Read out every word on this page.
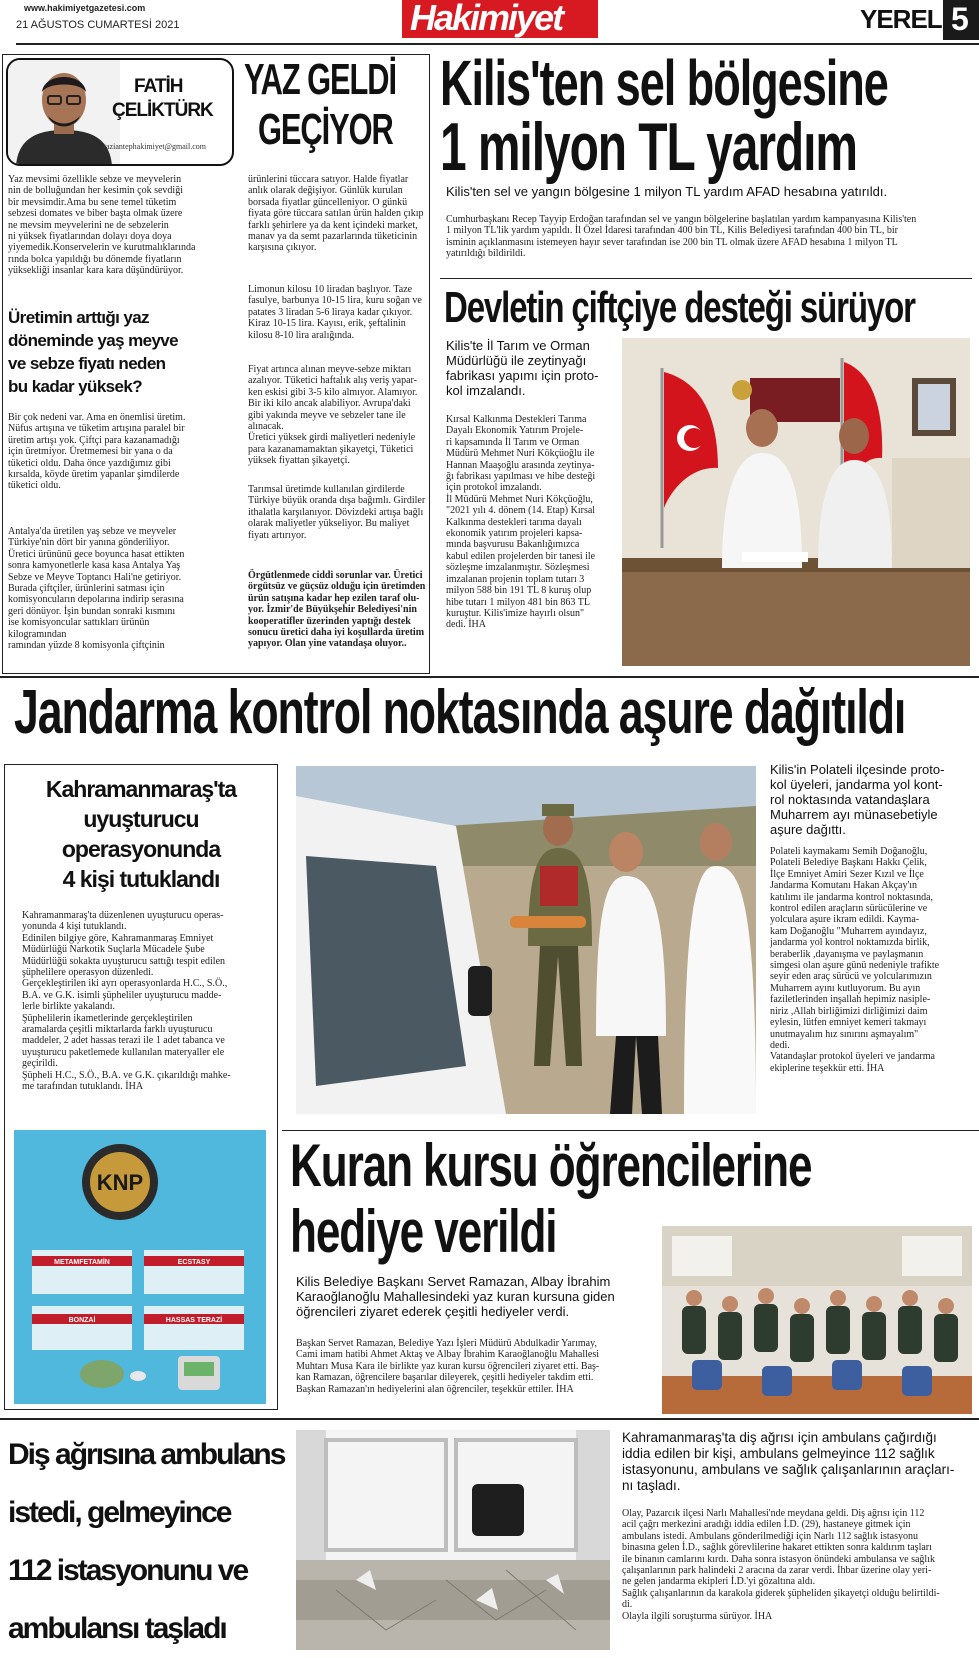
www.hakimiyetgazetesi.com
21 AĞUSTOS CUMARTESİ 2021	Hakimiyet	YEREL 5
FATİH
ÇELİKTÜRK
gaziantephakimiyet@gmail.com
YAZ GELDİ
GEÇİYOR
Yaz mevsimi özellikle sebze ve meyvelerin
nin de bolluğundan her kesimin çok sevdiği
bir mevsimdir.Ama bu sene temel tüketim
sebzesi domates ve biber başta olmak üzere
ne mevsim meyvelerini ne de sebzelerin
ni yüksek fiyatlarından dolayı doya doya
yiyemedik.Konservelerin ve kurutmalıklarında
rında bolca yapıldığı bu dönemde fiyatların
yüksekliği insanlar kara kara düşündürüyor.
Üretimin arttığı yaz
döneminde yaş meyve
ve sebze fiyatı neden
bu kadar yüksek?
Bir çok nedeni var. Ama en önemlisi üretim.
Nüfus artışına ve tüketim artışına paralel bir
üretim artışı yok. Çiftçi para kazanamadığı
için üretmiyor. Üretmemesi bir yana o da
tüketici oldu. Daha önce yazdığımız gibi
kırsalda, köyde üretim yapanlar şimdilerde
tüketici oldu.
Antalya'da üretilen yaş sebze ve meyveler
Türkiye'nin dört bir yanına gönderiliyor.
Üretici ürününü gece boyunca hasat ettikten
sonra kamyonetlerle kasa kasa Antalya Yaş
Sebze ve Meyve Toptancı Hali'ne getiriyor.
Burada çiftçiler, ürünlerini satması için
komisyoncuların depolarına indirip serasına
geri dönüyor. İşin bundan sonraki kısmını
ise komisyoncular sattıkları ürünün kilogramından
ramından yüzde 8 komisyonla çiftçinin
ürünlerini tüccara satıyor. Halde fiyatlar
anlık olarak değişiyor. Günlük kurulan
borsada fiyatlar güncelleniyor. O günkü
fiyata göre tüccara satılan ürün halden çıkıp
farklı şehirlere ya da kent içindeki market,
manav ya da semt pazarlarında tüketicinin
karşısına çıkıyor.
Limonun kilosu 10 liradan başlıyor. Taze
fasulye, barbunya 10-15 lira, kuru soğan ve
patates 3 liradan 5-6 liraya kadar çıkıyor.
Kiraz 10-15 lira. Kayısı, erik, şeftalinin
kilosu 8-10 lira aralığında.
Fiyat artınca alınan meyve-sebze miktarı
azalıyor. Tüketici haftalık alış veriş yapar-
ken eskisi gibi 3-5 kilo almıyor. Alamıyor.
Bir iki kilo ancak alabiliyor. Avrupa'daki
gibi yakında meyve ve sebzeler tane ile
alınacak.
Üretici yüksek girdi maliyetleri nedeniyle
para kazanamamaktan şikayetçi, Tüketici
yüksek fiyattan şikayetçi.
Tarımsal üretimde kullanılan girdilerde
Türkiye büyük oranda dışa bağımlı. Girdiler
ithalatla karşılanıyor. Dövizdeki artışa bağlı
olarak maliyetler yükseliyor. Bu maliyet
fiyatı artırıyor.
Örgütlenmede ciddi sorunlar var. Üretici
örgütsüz ve güçsüz olduğu için üretimden
ürün satışına kadar hep ezilen taraf olu-
yor. İzmir'de Büyükşehir Belediyesi'nin
kooperatifler üzerinden yaptığı destek
sonucu üretici daha iyi koşullarda üretim
yapıyor. Olan yine vatandaşa oluyor..
Kilis'ten sel bölgesine
1 milyon TL yardım
Kilis'ten sel ve yangın bölgesine 1 milyon TL yardım AFAD hesabına yatırıldı.
Cumhurbaşkanı Recep Tayyip Erdoğan tarafından sel ve yangın bölgelerine başlatılan yardım kampanyasına Kilis'ten
1 milyon TL'lik yardım yapıldı. İl Özel İdaresi tarafından 400 bin TL, Kilis Belediyesi tarafından 400 bin TL, bir
isminin açıklanmasını istemeyen hayır sever tarafından ise 200 bin TL olmak üzere AFAD hesabına 1 milyon TL
yatırıldığı bildirildi.
Devletin çiftçiye desteği sürüyor
Kilis'te İl Tarım ve Orman
Müdürlüğü ile zeytinyağı
fabrikası yapımı için proto-
kol imzalandı.
Kırsal Kalkınma Destekleri Tarıma
Dayalı Ekonomik Yatırım Projele-
ri kapsamında İl Tarım ve Orman
Müdürü Mehmet Nuri Kökçüoğlu ile
Hannan Maaşoğlu arasında zeytinya-
ğı fabrikası yapılması ve hibe desteği
için protokol imzalandı.
İl Müdürü Mehmet Nuri Kökçüoğlu,
"2021 yılı 4. dönem (14. Etap) Kırsal
Kalkınma destekleri tarıma dayalı
ekonomik yatırım projeleri kapsa-
mında başvurusu Bakanlığımızca
kabul edilen projelerden bir tanesi ile
sözleşme imzalanmıştır. Sözleşmesi
imzalanan projenin toplam tutarı 3
milyon 588 bin 191 TL 8 kuruş olup
hibe tutarı 1 milyon 481 bin 863 TL
kuruştur. Kilis'imize hayırlı olsun"
dedi. İHA
Jandarma kontrol noktasında aşure dağıtıldı
Kilis'in Polateli ilçesinde proto-
kol üyeleri, jandarma yol kont-
rol noktasında vatandaşlara
Muharrem ayı münasebetiyle
aşure dağıttı.
Polateli kaymakamı Semih Doğanoğlu,
Polateli Belediye Başkanı Hakkı Çelik,
İlçe Emniyet Amiri Sezer Kızıl ve İlçe
Jandarma Komutanı Hakan Akçay'ın
katılımı ile jandarma kontrol noktasında,
kontrol edilen araçların sürücülerine ve
yolculara aşure ikram edildi. Kayma-
kam Doğanoğlu "Muharrem ayındayız,
jandarma yol kontrol noktamızda birlik,
beraberlik ,dayanışma ve paylaşmanın
simgesi olan aşure günü nedeniyle trafikte
seyir eden araç sürücü ve yolcularımızın
Muharrem ayını kutluyorum. Bu ayın
faziletlerinden inşallah hepimiz nasiple-
niriz ,Allah birliğimizi dirliğimizi daim
eylesin, lütfen emniyet kemeri takmayı
unutmayalım hız sınırını aşmayalım"
dedi.
Vatandaşlar protokol üyeleri ve jandarma
ekiplerine teşekkür etti. İHA
Kahramanmaraş'ta
uyuşturucu
operasyonunda
4 kişi tutuklandı
Kahramanmaraş'ta düzenlenen uyuşturucu operas-
yonunda 4 kişi tutuklandı.
Edinilen bilgiye göre, Kahramanmaraş Emniyet
Müdürlüğü Narkotik Suçlarla Mücadele Şube
Müdürlüğü sokakta uyuşturucu sattığı tespit edilen
şüphelilere operasyon düzenledi.
Gerçekleştirilen iki ayrı operasyonlarda H.C., S.Ö.,
B.A. ve G.K. isimli şüpheliler uyuşturucu madde-
lerle birlikte yakalandı.
Şüphelilerin ikametlerinde gerçekleştirilen
aramalarda çeşitli miktarlarda farklı uyuşturucu
maddeler, 2 adet hassas terazi ile 1 adet tabanca ve
uyuşturucu paketlemede kullanılan materyaller ele
geçirildi.
Şüpheli H.C., S.Ö., B.A. ve G.K. çıkarıldığı mahke-
me tarafından tutuklandı. İHA
KNP
METAMFETAMİN	ECSTASY
BONZAİ	HASSAS TERAZİ
Kuran kursu öğrencilerine
hediye verildi
Kilis Belediye Başkanı Servet Ramazan, Albay İbrahim
Karaoğlanoğlu Mahallesindeki yaz kuran kursuna giden
öğrencileri ziyaret ederek çeşitli hediyeler verdi.
Başkan Servet Ramazan, Belediye Yazı İşleri Müdürü Abdulkadir Yarımay,
Cami imam hatibi Ahmet Aktaş ve Albay İbrahim Karaoğlanoğlu Mahallesi
Muhtarı Musa Kara ile birlikte yaz kuran kursu öğrencileri ziyaret etti. Baş-
kan Ramazan, öğrencilere başarılar dileyerek, çeşitli hediyeler takdim etti.
Başkan Ramazan'ın hediyelerini alan öğrenciler, teşekkür ettiler. İHA
Diş ağrısına ambulans
istedi, gelmeyince
112 istasyonunu ve
ambulansı taşladı
Kahramanmaraş'ta diş ağrısı için ambulans çağırdığı
iddia edilen bir kişi, ambulans gelmeyince 112 sağlık
istasyonunu, ambulans ve sağlık çalışanlarının araçları-
nı taşladı.
Olay, Pazarcık ilçesi Narlı Mahallesi'nde meydana geldi. Diş ağrısı için 112
acil çağrı merkezini aradığı iddia edilen İ.D. (29), hastaneye gitmek için
ambulans istedi. Ambulans gönderilmediği için Narlı 112 sağlık istasyonu
binasına gelen İ.D., sağlık görevlilerine hakaret ettikten sonra kaldırım taşları
ile binanın camlarını kırdı. Daha sonra istasyon önündeki ambulansa ve sağlık
çalışanlarının park halindeki 2 aracına da zarar verdi. İhbar üzerine olay yeri-
ne gelen jandarma ekipleri İ.D.'yi gözaltına aldı.
Sağlık çalışanlarının da karakola giderek şüpheliden şikayetçi olduğu belirtildi-
di.
Olayla ilgili soruşturma sürüyor. İHA
